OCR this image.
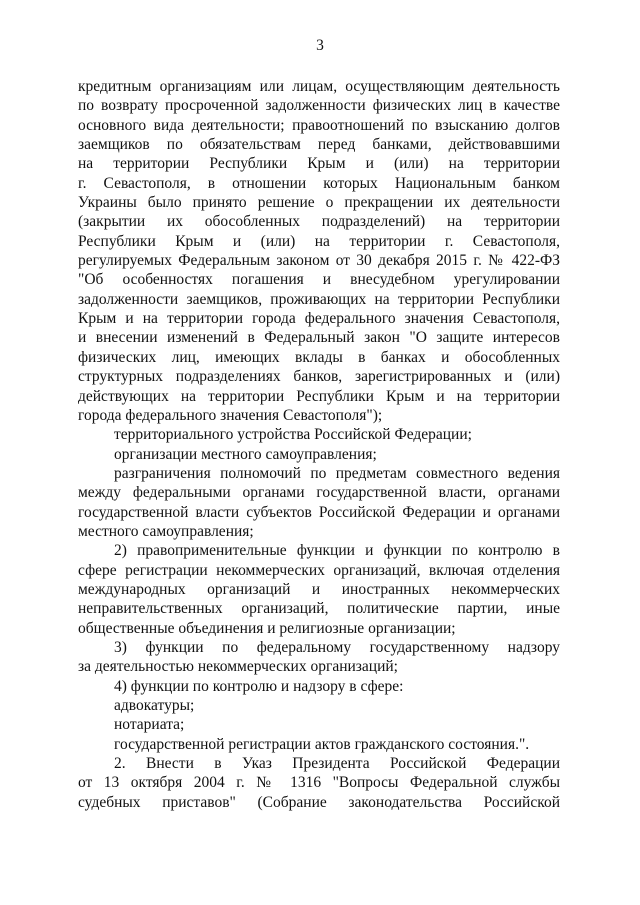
3
кредитным организациям или лицам, осуществляющим деятельность
по возврату просроченной задолженности физических лиц в качестве
основного вида деятельности; правоотношений по взысканию долгов
заемщиков по обязательствам перед банками, действовавшими
на территории Республики Крым и (или) на территории
г. Севастополя, в отношении которых Национальным банком
Украины было принято решение о прекращении их деятельности
(закрытии их обособленных подразделений) на территории
Республики Крым и (или) на территории г. Севастополя,
регулируемых Федеральным законом от 30 декабря 2015 г. № 422-ФЗ
"Об особенностях погашения и внесудебном урегулировании
задолженности заемщиков, проживающих на территории Республики
Крым и на территории города федерального значения Севастополя,
и внесении изменений в Федеральный закон "О защите интересов
физических лиц, имеющих вклады в банках и обособленных
структурных подразделениях банков, зарегистрированных и (или)
действующих на территории Республики Крым и на территории
города федерального значения Севастополя");
территориального устройства Российской Федерации;
организации местного самоуправления;
разграничения полномочий по предметам совместного ведения
между федеральными органами государственной власти, органами
государственной власти субъектов Российской Федерации и органами
местного самоуправления;
2) правоприменительные функции и функции по контролю в
сфере регистрации некоммерческих организаций, включая отделения
международных организаций и иностранных некоммерческих
неправительственных организаций, политические партии, иные
общественные объединения и религиозные организации;
3) функции по федеральному государственному надзору
за деятельностью некоммерческих организаций;
4) функции по контролю и надзору в сфере:
адвокатуры;
нотариата;
государственной регистрации актов гражданского состояния.".
2. Внести в Указ Президента Российской Федерации
от 13 октября 2004 г. № 1316 "Вопросы Федеральной службы
судебных приставов" (Собрание законодательства Российской
